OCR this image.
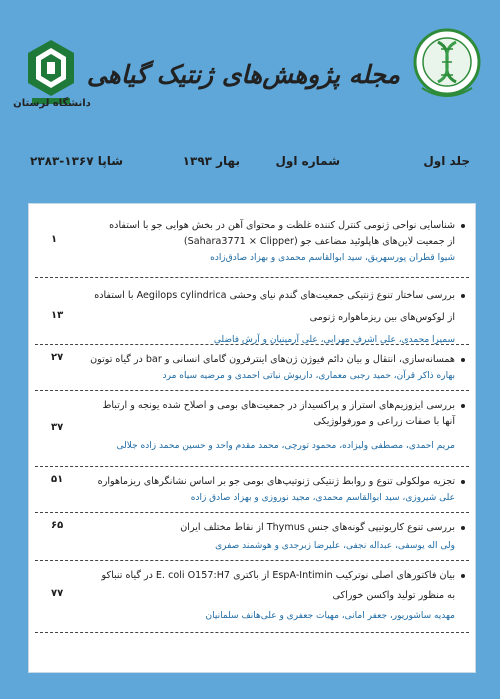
دانشگاه لرستان
مجله پژوهش‌های ژنتیک گیاهی
جلد اول
شماره اول
بهار ۱۳۹۳
شاپا ۱۳۶۷-۲۳۸۳
شناسایی نواحی ژنومی کنترل کننده غلظت و محتوای آهن در بخش هوایی جو با استفاده
از جمعیت لاین‌های هاپلوئید مضاعف جو (Sahara3771 × Clipper)
۱
شیوا قطران پورسهریق، سید ابوالقاسم محمدی و بهزاد صادق‌زاده
بررسی ساختار تنوع ژنتیکی جمعیت‌های گندم نیای وحشی Aegilops cylindrica با استفاده
از لوکوس‌های بین ریزماهواره ژنومی
۱۳
سمیرا محمدی، علی اشرف مهرابی، علی آرمینیان و آرش فاضلی
همسانه‌سازی، انتقال و بیان دائم فیوژن ژن‌های اینترفرون گامای انسانی و bar در گیاه توتون
۲۷
بهاره ذاکر قرآن، حمید رجبی معماری، داریوش نباتی احمدی و مرضیه سیاه مرد
بررسی ایزوزیم‌های استراز و پراکسیداز در جمعیت‌های بومی و اصلاح شده یونجه و ارتباط
آنها با صفات زراعی و مورفولوژیکی
۳۷
مریم احمدی، مصطفی ولیزاده، محمود تورچی، محمد مقدم واحد و حسین محمد زاده جلالی
تجزیه مولکولی تنوع و روابط ژنتیکی ژنوتیپ‌های بومی جو بر اساس نشانگرهای ریزماهواره
۵۱
علی شیروزی، سید ابوالقاسم محمدی، مجید نوروزی و بهزاد صادق زاده
بررسی تنوع کاریوتیپی گونه‌های جنس Thymus از نقاط مختلف ایران
۶۵
ولی اله یوسفی، عبداله نجفی، علیرضا زبرجدی و هوشمند صفری
بیان فاکتورهای اصلی نوترکیب EspA-Intimin از باکتری E. coli O157:H7 در گیاه تنباکو
به منظور تولید واکسن خوراکی
۷۷
مهدیه ساشوریور، جعفر امانی، مهیات جعفری و علی‌هانف سلمانیان
